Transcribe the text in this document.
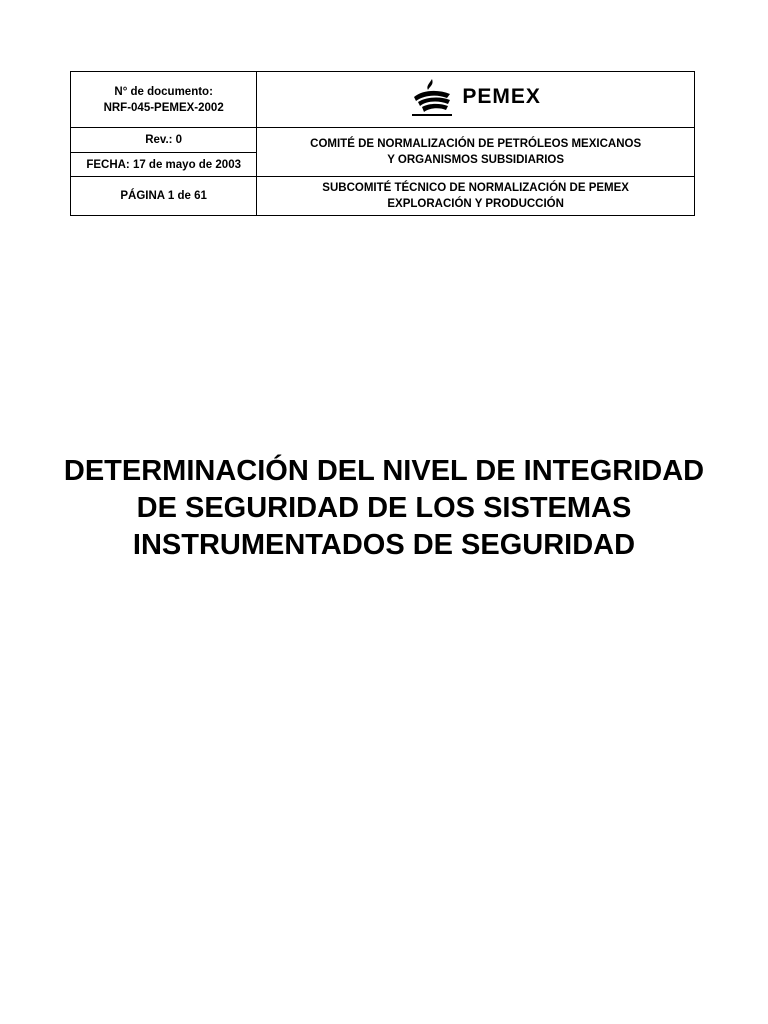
N° de documento:
NRF-045-PEMEX-2002	PEMEX

Rev.: 0	COMITÉ DE NORMALIZACIÓN DE PETRÓLEOS MEXICANOS
Y ORGANISMOS SUBSIDIARIOS

FECHA: 17 de mayo de 2003	
PÁGINA 1 de 61	SUBCOMITÉ TÉCNICO DE NORMALIZACIÓN DE PEMEX
EXPLORACIÓN Y PRODUCCIÓN
DETERMINACIÓN DEL NIVEL DE INTEGRIDAD
DE SEGURIDAD DE LOS SISTEMAS
INSTRUMENTADOS DE SEGURIDAD
